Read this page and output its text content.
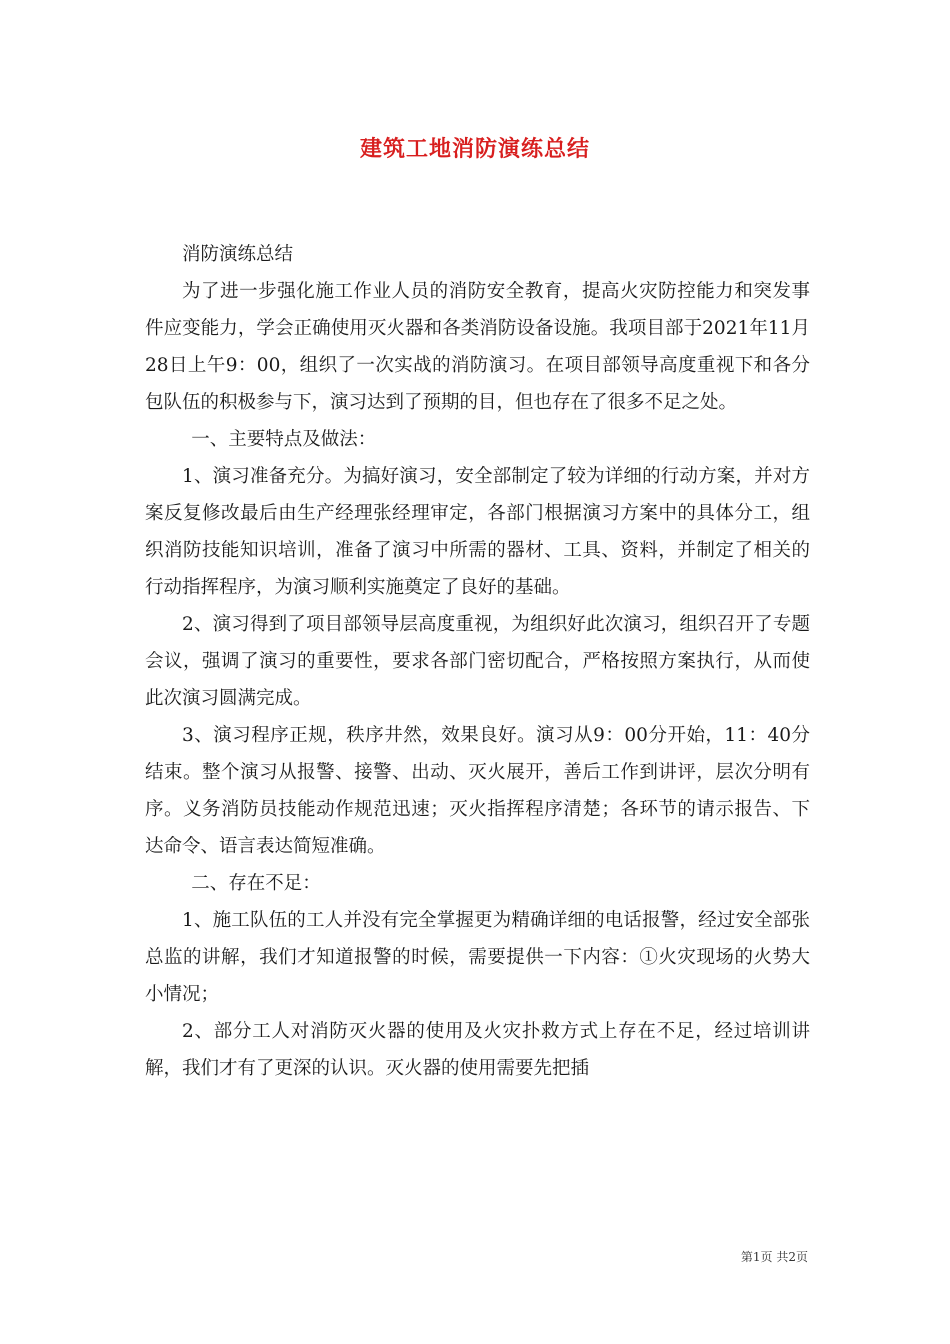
建筑工地消防演练总结

消防演练总结

为了进一步强化施工作业人员的消防安全教育，提高火灾防控能力和突发事件应变能力，学会正确使用灭火器和各类消防设备设施。我项目部于2021年11月28日上午9：00，组织了一次实战的消防演习。在项目部领导高度重视下和各分包队伍的积极参与下，演习达到了预期的目，但也存在了很多不足之处。

一、主要特点及做法：

1、演习准备充分。为搞好演习，安全部制定了较为详细的行动方案，并对方案反复修改最后由生产经理张经理审定，各部门根据演习方案中的具体分工，组织消防技能知识培训，准备了演习中所需的器材、工具、资料，并制定了相关的行动指挥程序，为演习顺利实施奠定了良好的基础。

2、演习得到了项目部领导层高度重视，为组织好此次演习，组织召开了专题会议，强调了演习的重要性，要求各部门密切配合，严格按照方案执行，从而使此次演习圆满完成。

3、演习程序正规，秩序井然，效果良好。演习从9：00分开始，11：40分结束。整个演习从报警、接警、出动、灭火展开，善后工作到讲评，层次分明有序。义务消防员技能动作规范迅速；灭火指挥程序清楚；各环节的请示报告、下达命令、语言表达简短准确。

二、存在不足：

1、施工队伍的工人并没有完全掌握更为精确详细的电话报警，经过安全部张总监的讲解，我们才知道报警的时候，需要提供一下内容：①火灾现场的火势大小情况；

2、部分工人对消防灭火器的使用及火灾扑救方式上存在不足，经过培训讲解，我们才有了更深的认识。灭火器的使用需要先把插

第1页 共2页
